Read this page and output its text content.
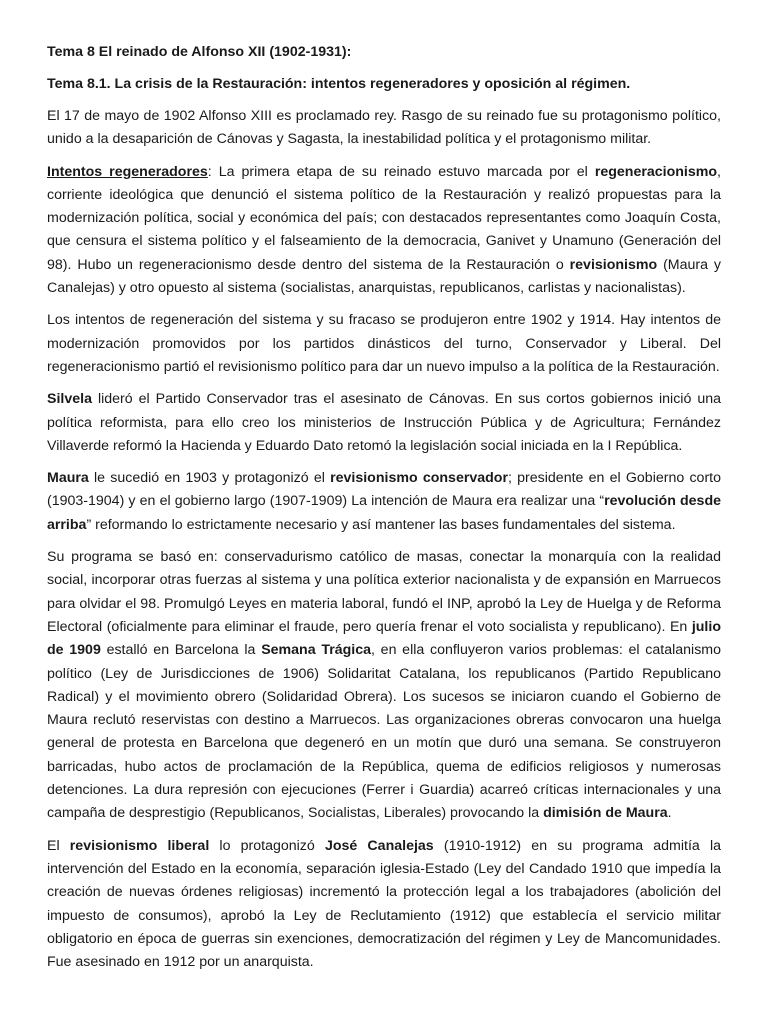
Tema 8 El reinado de Alfonso XII (1902-1931):

Tema 8.1. La crisis de la Restauración: intentos regeneradores y oposición al régimen.

El 17 de mayo de 1902 Alfonso XIII es proclamado rey. Rasgo de su reinado fue su protagonismo político, unido a la desaparición de Cánovas y Sagasta, la inestabilidad política y el protagonismo militar.

Intentos regeneradores: La primera etapa de su reinado estuvo marcada por el regeneracionismo, corriente ideológica que denunció el sistema político de la Restauración y realizó propuestas para la modernización política, social y económica del país; con destacados representantes como Joaquín Costa, que censura el sistema político y el falseamiento de la democracia, Ganivet y Unamuno (Generación del 98). Hubo un regeneracionismo desde dentro del sistema de la Restauración o revisionismo (Maura y Canalejas) y otro opuesto al sistema (socialistas, anarquistas, republicanos, carlistas y nacionalistas).

Los intentos de regeneración del sistema y su fracaso se produjeron entre 1902 y 1914. Hay intentos de modernización promovidos por los partidos dinásticos del turno, Conservador y Liberal. Del regeneracionismo partió el revisionismo político para dar un nuevo impulso a la política de la Restauración.

Silvela lideró el Partido Conservador tras el asesinato de Cánovas. En sus cortos gobiernos inició una política reformista, para ello creo los ministerios de Instrucción Pública y de Agricultura; Fernández Villaverde reformó la Hacienda y Eduardo Dato retomó la legislación social iniciada en la I República.

Maura le sucedió en 1903 y protagonizó el revisionismo conservador; presidente en el Gobierno corto (1903-1904) y en el gobierno largo (1907-1909) La intención de Maura era realizar una “revolución desde arriba” reformando lo estrictamente necesario y así mantener las bases fundamentales del sistema.

Su programa se basó en: conservadurismo católico de masas, conectar la monarquía con la realidad social, incorporar otras fuerzas al sistema y una política exterior nacionalista y de expansión en Marruecos para olvidar el 98. Promulgó Leyes en materia laboral, fundó el INP, aprobó la Ley de Huelga y de Reforma Electoral (oficialmente para eliminar el fraude, pero quería frenar el voto socialista y republicano). En julio de 1909 estalló en Barcelona la Semana Trágica, en ella confluyeron varios problemas: el catalanismo político (Ley de Jurisdicciones de 1906) Solidaritat Catalana, los republicanos (Partido Republicano Radical) y el movimiento obrero (Solidaridad Obrera). Los sucesos se iniciaron cuando el Gobierno de Maura reclutó reservistas con destino a Marruecos. Las organizaciones obreras convocaron una huelga general de protesta en Barcelona que degeneró en un motín que duró una semana. Se construyeron barricadas, hubo actos de proclamación de la República, quema de edificios religiosos y numerosas detenciones. La dura represión con ejecuciones (Ferrer i Guardia) acarreó críticas internacionales y una campaña de desprestigio (Republicanos, Socialistas, Liberales) provocando la dimisión de Maura.

El revisionismo liberal lo protagonizó José Canalejas (1910-1912) en su programa admitía la intervención del Estado en la economía, separación iglesia-Estado (Ley del Candado 1910 que impedía la creación de nuevas órdenes religiosas) incrementó la protección legal a los trabajadores (abolición del impuesto de consumos), aprobó la Ley de Reclutamiento (1912) que establecía el servicio militar obligatorio en época de guerras sin exenciones, democratización del régimen y Ley de Mancomunidades. Fue asesinado en 1912 por un anarquista.
